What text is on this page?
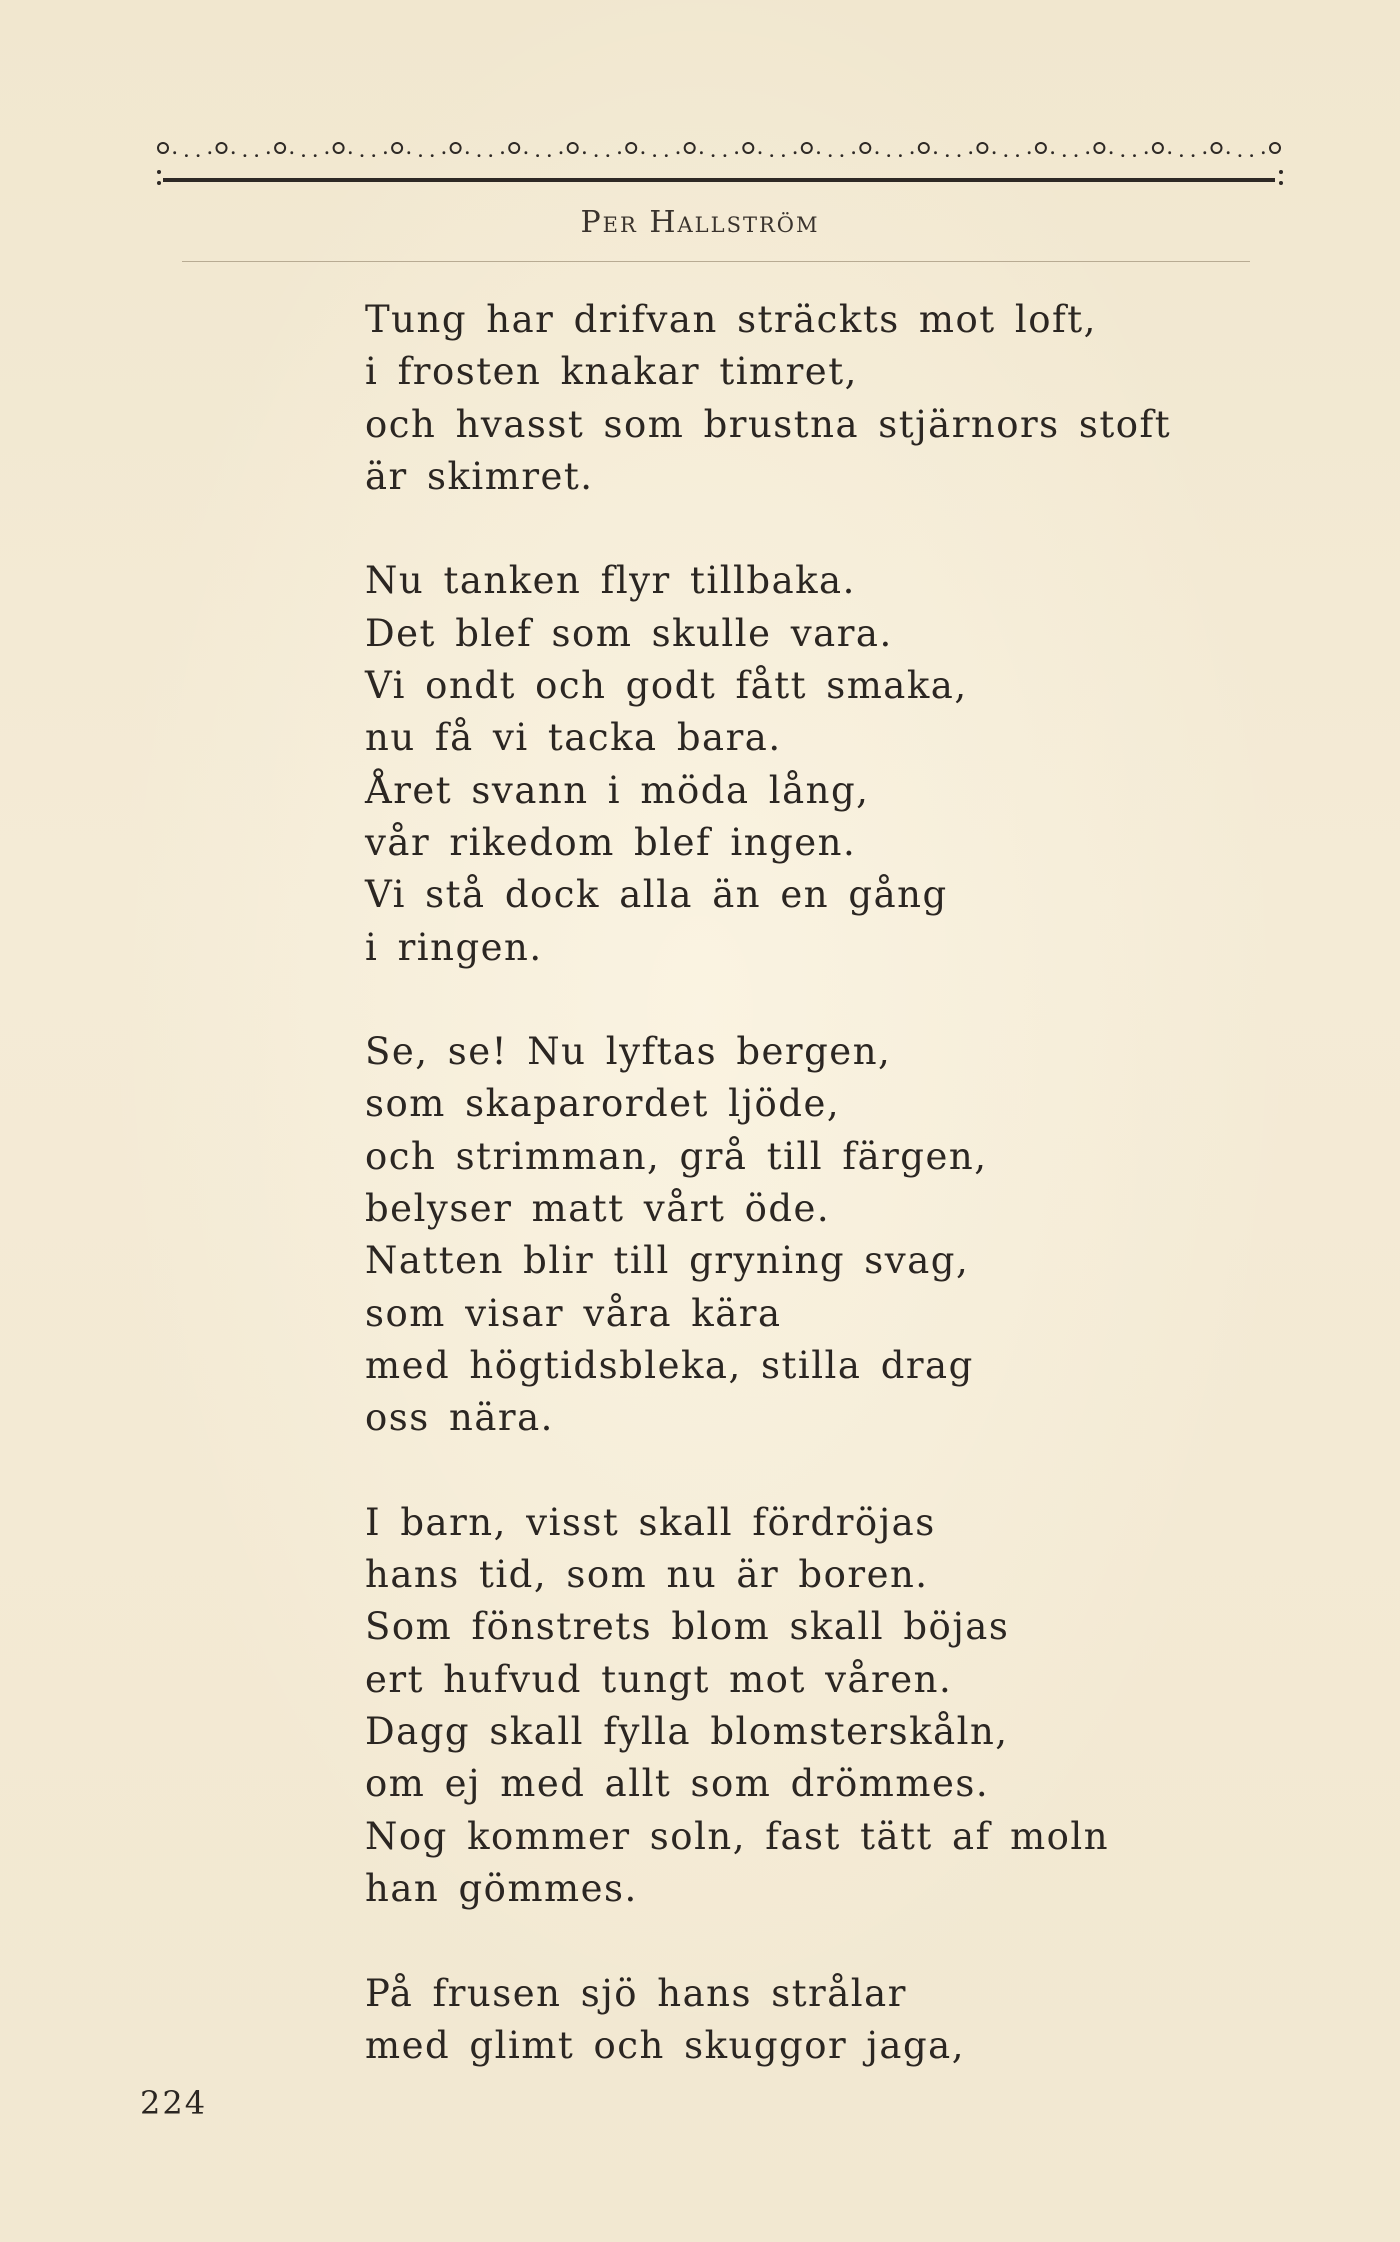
Per Hallström
Tung har drifvan sträckts mot loft,
i frosten knakar timret,
och hvasst som brustna stjärnors stoft
är skimret.
Nu tanken flyr tillbaka.
Det blef som skulle vara.
Vi ondt och godt fått smaka,
nu få vi tacka bara.
Året svann i möda lång,
vår rikedom blef ingen.
Vi stå dock alla än en gång
i ringen.
Se, se! Nu lyftas bergen,
som skaparordet ljöde,
och strimman, grå till färgen,
belyser matt vårt öde.
Natten blir till gryning svag,
som visar våra kära
med högtidsbleka, stilla drag
oss nära.
I barn, visst skall fördröjas
hans tid, som nu är boren.
Som fönstrets blom skall böjas
ert hufvud tungt mot våren.
Dagg skall fylla blomsterskåln,
om ej med allt som drömmes.
Nog kommer soln, fast tätt af moln
han gömmes.
På frusen sjö hans strålar
med glimt och skuggor jaga,
224
